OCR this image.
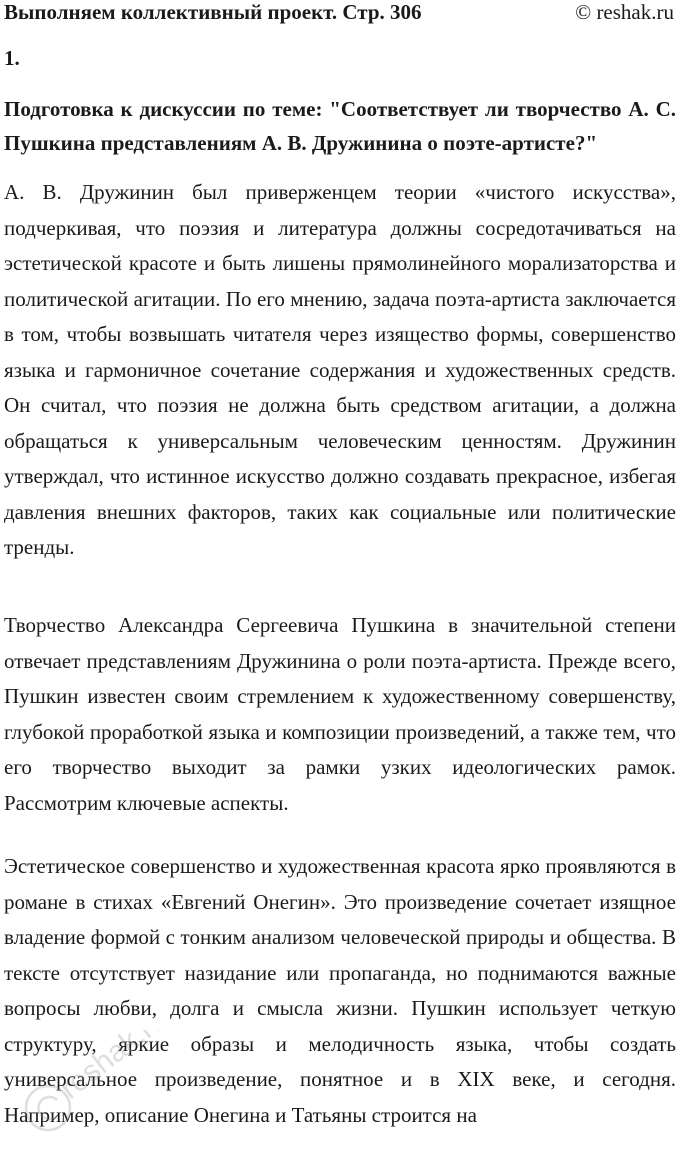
Выполняем коллективный проект. Стр. 306	© reshak.ru
1.
Подготовка к дискуссии по теме: "Соответствует ли творчество А. С. Пушкина представлениям А. В. Дружинина о поэте-артисте?"

А. В. Дружинин был приверженцем теории «чистого искусства», подчеркивая, что поэзия и литература должны сосредотачиваться на эстетической красоте и быть лишены прямолинейного морализаторства и политической агитации. По его мнению, задача поэта-артиста заключается в том, чтобы возвышать читателя через изящество формы, совершенство языка и гармоничное сочетание содержания и художественных средств. Он считал, что поэзия не должна быть средством агитации, а должна обращаться к универсальным человеческим ценностям. Дружинин утверждал, что истинное искусство должно создавать прекрасное, избегая давления внешних факторов, таких как социальные или политические тренды.

Творчество Александра Сергеевича Пушкина в значительной степени отвечает представлениям Дружинина о роли поэта-артиста. Прежде всего, Пушкин известен своим стремлением к художественному совершенству, глубокой проработкой языка и композиции произведений, а также тем, что его творчество выходит за рамки узких идеологических рамок. Рассмотрим ключевые аспекты.

Эстетическое совершенство и художественная красота ярко проявляются в романе в стихах «Евгений Онегин». Это произведение сочетает изящное владение формой с тонким анализом человеческой природы и общества. В тексте отсутствует назидание или пропаганда, но поднимаются важные вопросы любви, долга и смысла жизни. Пушкин использует четкую структуру, яркие образы и мелодичность языка, чтобы создать универсальное произведение, понятное и в XIX веке, и сегодня. Например, описание Онегина и Татьяны строится на

reshak.ru
